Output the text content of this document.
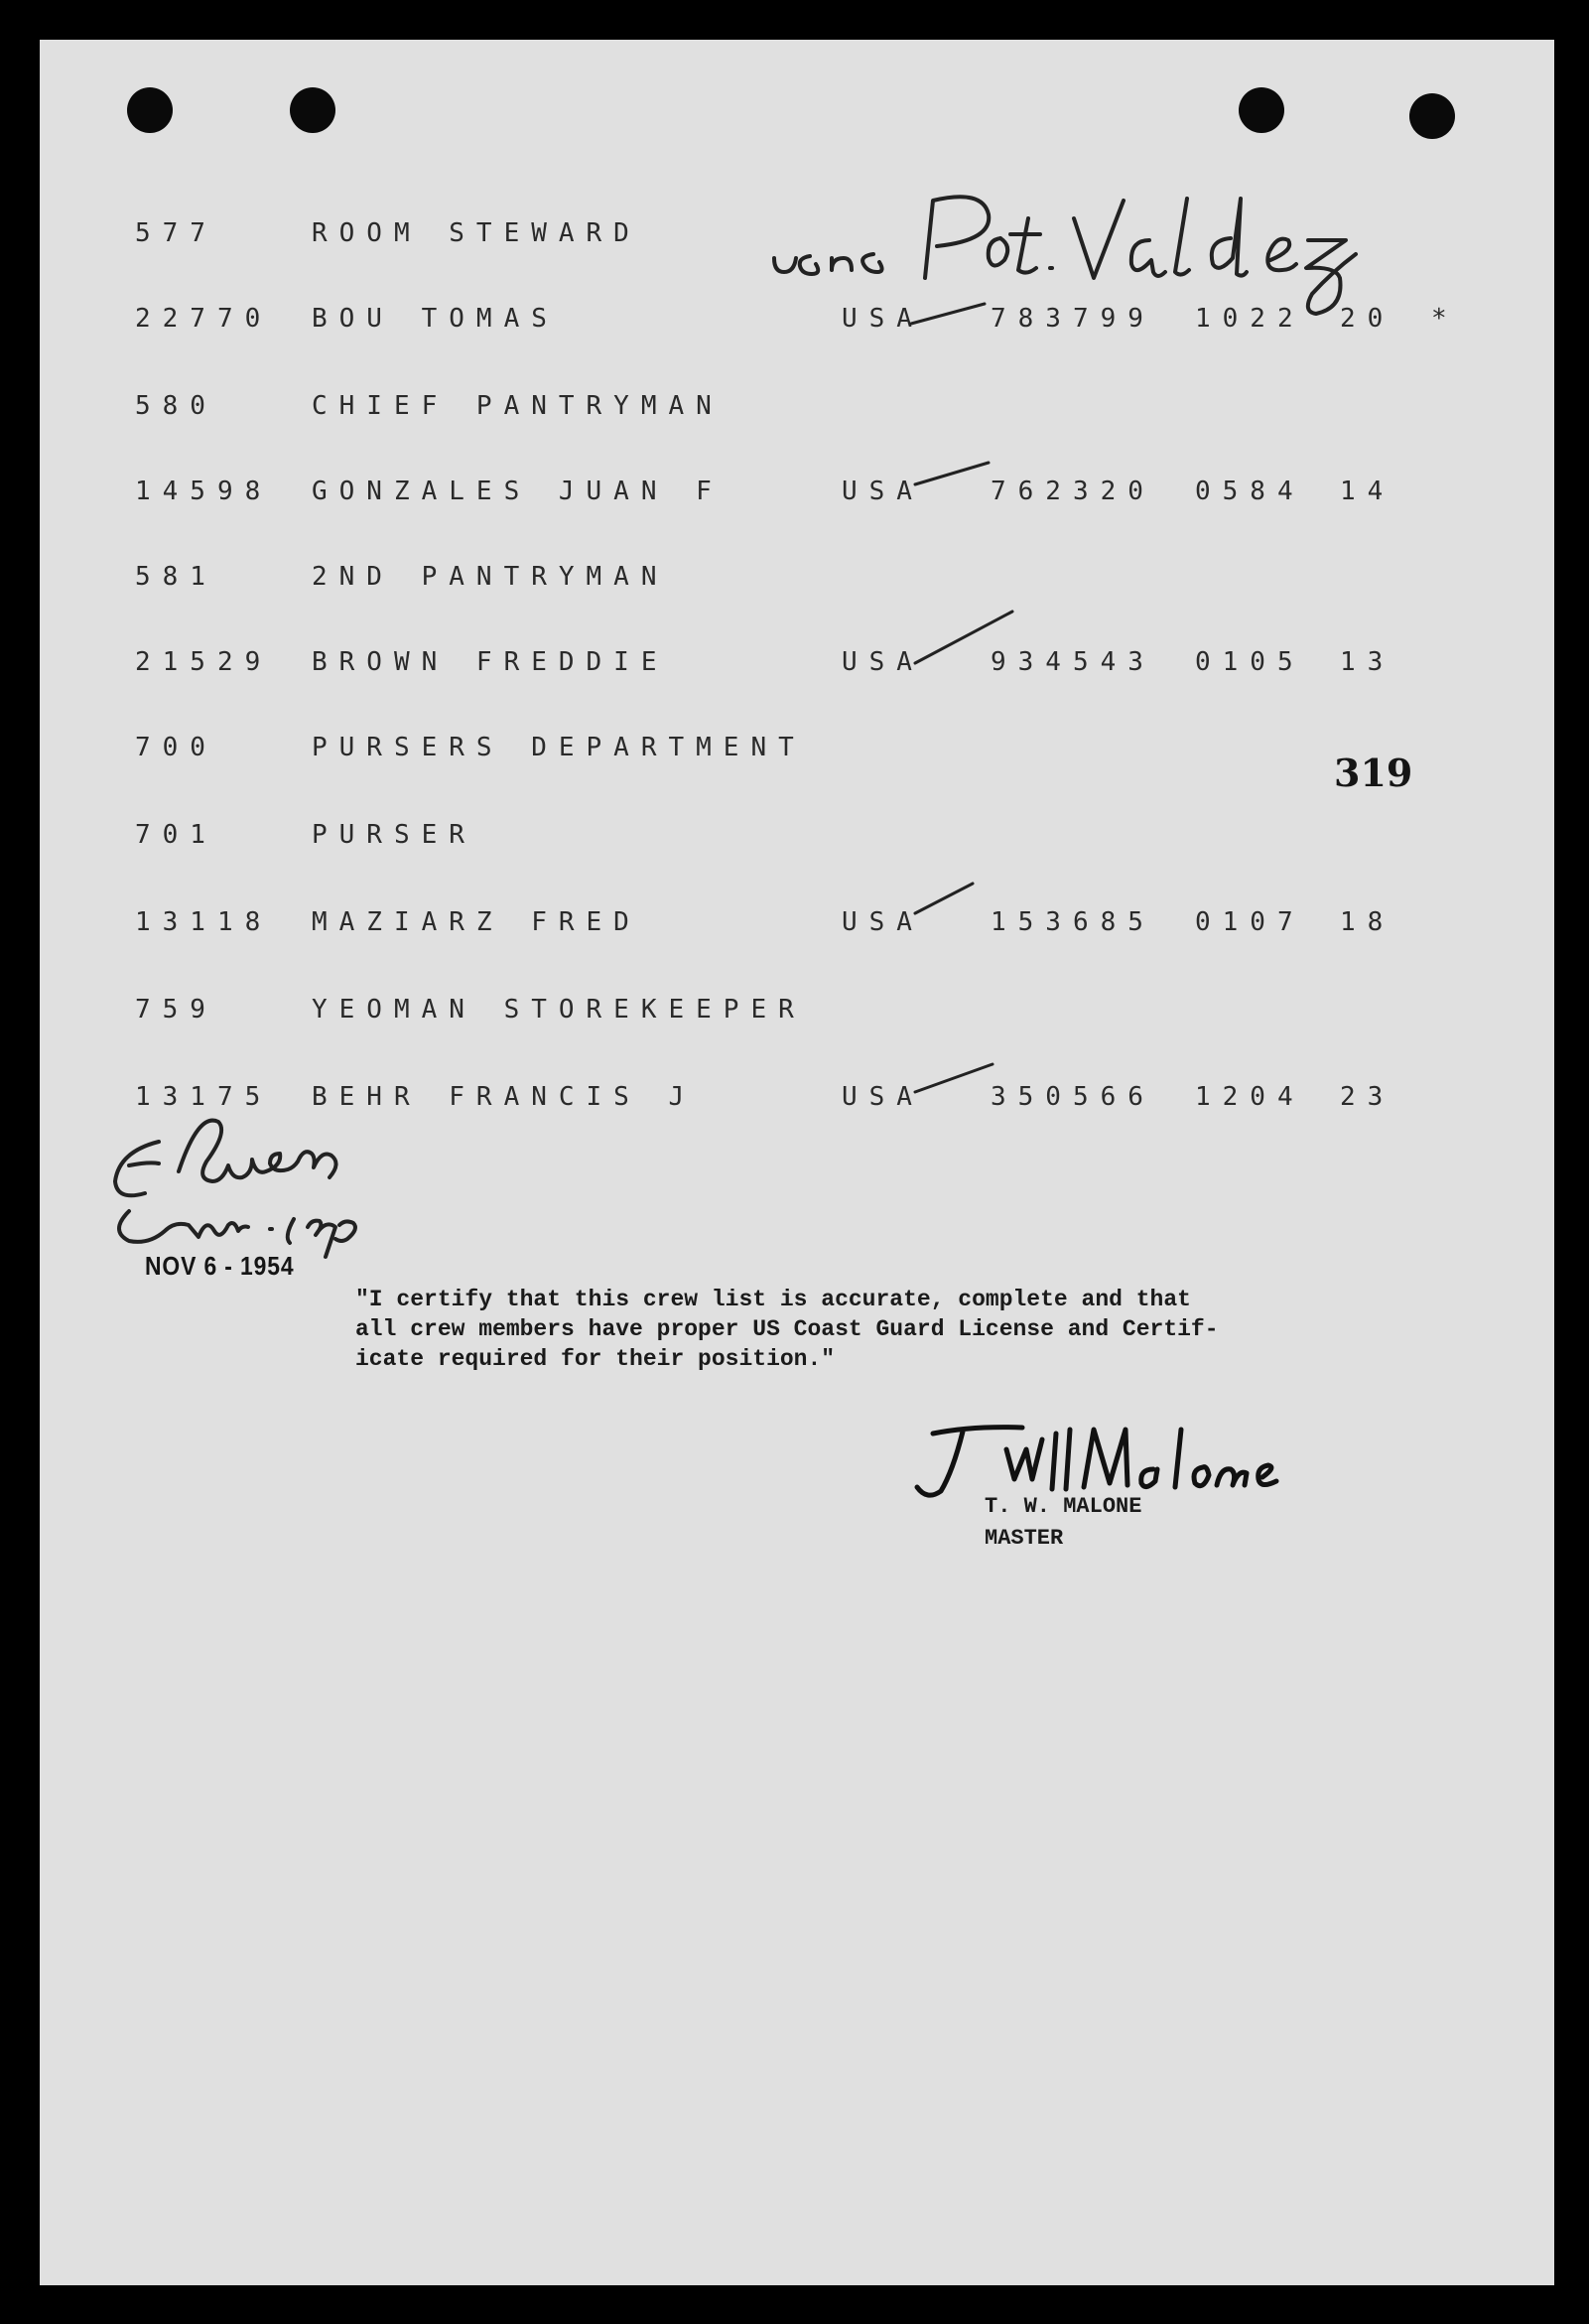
577	ROOM STEWARD
22770 BOU TOMAS	USA	783799 1022 20 *
580	CHIEF PANTRYMAN
14598 GONZALES JUAN F	USA	762320 0584 14
581	2ND PANTRYMAN
21529 BROWN FREDDIE	USA	934543 0105 13
700	PURSERS DEPARTMENT
319
701	PURSER
13118 MAZIARZ FRED	USA	153685 0107 18
759	YEOMAN STOREKEEPER
13175 BEHR FRANCIS J	USA	350566 1204 23
NOV 6 - 1954
"I certify that this crew list is accurate, complete and that
all crew members have proper US Coast Guard License and Certif-
icate required for their position."
T. W. MALONE
MASTER
